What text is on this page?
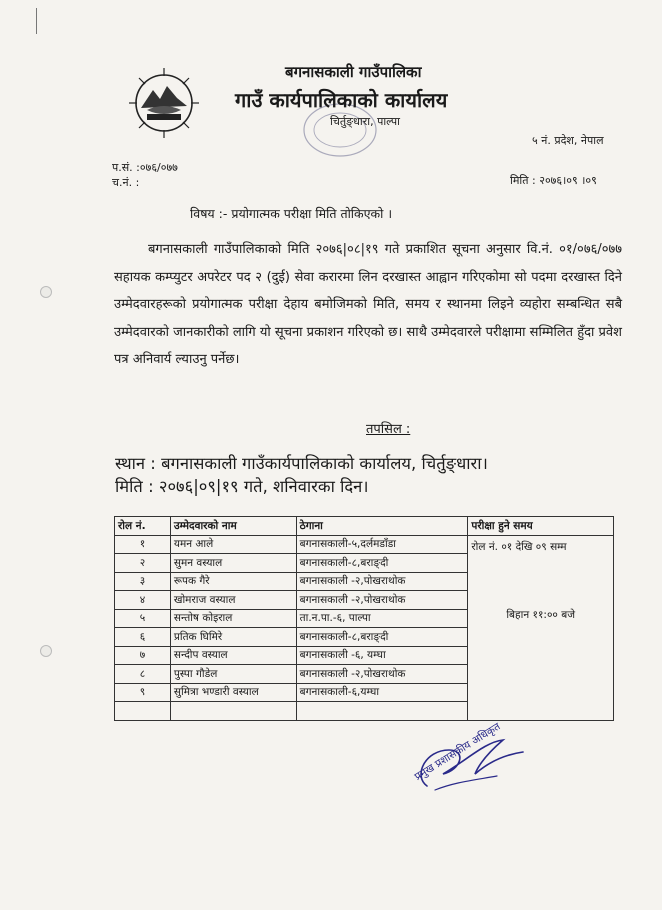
बगनासकाली गाउँपालिका
गाउँ कार्यपालिकाको कार्यालय
चिर्तुङ्धारा, पाल्पा
५ नं. प्रदेश, नेपाल
प.सं. :०७६/०७७
च.नं. :	मिति : २०७६।०९ ।०९
विषय :- प्रयोगात्मक परीक्षा मिति तोकिएको ।

बगनासकाली गाउँपालिकाको मिति २०७६|०८|१९ गते प्रकाशित सूचना अनुसार वि.नं. ०१/०७६/०७७ सहायक कम्प्युटर अपरेटर पद २ (दुई) सेवा करारमा लिन दरखास्त आह्वान गरिएकोमा सो पदमा दरखास्त दिने उम्मेदवारहरूको प्रयोगात्मक परीक्षा देहाय बमोजिमको मिति, समय र स्थानमा लिइने व्यहोरा सम्बन्धित सबै उम्मेदवारको जानकारीको लागि यो सूचना प्रकाशन गरिएको छ। साथै उम्मेदवारले परीक्षामा सम्मिलित हुँदा प्रवेश पत्र अनिवार्य ल्याउनु पर्नेछ।

तपसिल :
स्थान : बगनासकाली गाउँकार्यपालिकाको कार्यालय, चिर्तुङ्धारा।
मिति : २०७६|०९|१९ गते, शनिवारका दिन।
रोल नं.	उम्मेदवारको नाम	ठेगाना	परीक्षा हुने समय
१	यमन आले	बगनासकाली-५,दर्लमडाँडा	रोल नं. ०१ देखि ०९ सम्म
बिहान ११:०० बजे

२	सुमन वस्याल	बगनासकाली-८,बराङ्दी	
३	रूपक गैरे	बगनासकाली -२,पोखराथोक	
४	खोमराज वस्याल	बगनासकाली -२,पोखराथोक	
५	सन्तोष कोइराल	ता.न.पा.-६, पाल्पा	
६	प्रतिक घिमिरे	बगनासकाली-८,बराङ्दी	
७	सन्दीप वस्याल	बगनासकाली -६, यम्घा	
८	पुस्पा गौडेल	बगनासकाली -२,पोखराथोक	
९	सुमित्रा भण्डारी वस्याल	बगनासकाली-६,यम्घा	

प्रमुख प्रशासकीय अधिकृत
